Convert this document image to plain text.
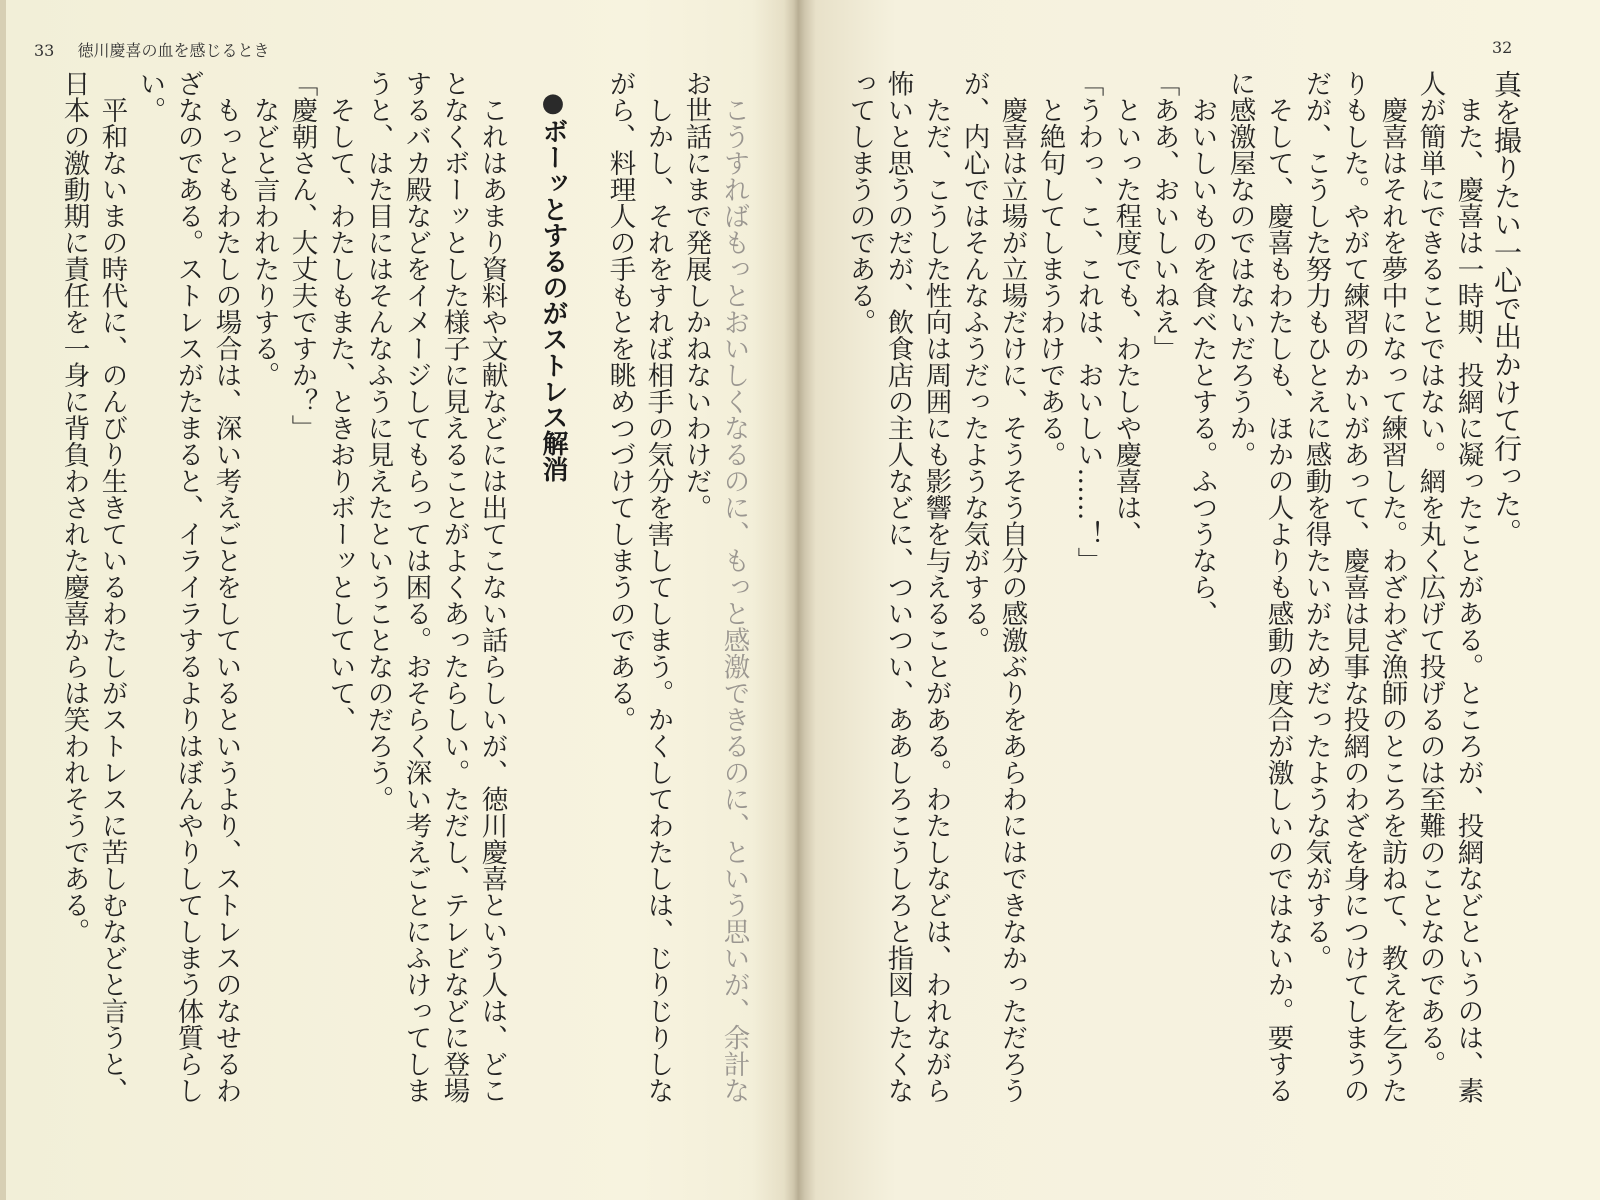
33 徳川慶喜の血を感じるとき	32
真を撮りたい一心で出かけて行った。
　また、慶喜は一時期、投網に凝ったことがある。ところが、投網などというのは、素
人が簡単にできることではない。網を丸く広げて投げるのは至難のことなのである。
　慶喜はそれを夢中になって練習した。わざわざ漁師のところを訪ねて、教えを乞うた
りもした。やがて練習のかいがあって、慶喜は見事な投網のわざを身につけてしまうの
だが、こうした努力もひとえに感動を得たいがためだったような気がする。
　そして、慶喜もわたしも、ほかの人よりも感動の度合が激しいのではないか。要する
に感激屋なのではないだろうか。
　おいしいものを食べたとする。ふつうなら、
「ああ、おいしいねえ」
　といった程度でも、わたしや慶喜は、
「うわっ、こ、これは、おいしい……！」
　と絶句してしまうわけである。
　慶喜は立場が立場だけに、そうそう自分の感激ぶりをあらわにはできなかっただろう
が、内心ではそんなふうだったような気がする。
　ただ、こうした性向は周囲にも影響を与えることがある。わたしなどは、われながら
怖いと思うのだが、飲食店の主人などに、ついつい、ああしろこうしろと指図したくな
ってしまうのである。
　こうすればもっとおいしくなるのに、もっと感激できるのに、という思いが、余計な
お世話にまで発展しかねないわけだ。
　しかし、それをすれば相手の気分を害してしまう。かくしてわたしは、じりじりしな
がら、料理人の手もとを眺めつづけてしまうのである。
●ボーッとするのがストレス解消
　これはあまり資料や文献などには出てこない話らしいが、徳川慶喜という人は、どこ
となくボーッとした様子に見えることがよくあったらしい。ただし、テレビなどに登場
するバカ殿などをイメージしてもらっては困る。おそらく深い考えごとにふけってしま
うと、はた目にはそんなふうに見えたということなのだろう。
　そして、わたしもまた、ときおりボーッとしていて、
「慶朝さん、大丈夫ですか？」
　などと言われたりする。
　もっともわたしの場合は、深い考えごとをしているというより、ストレスのなせるわ
ざなのである。ストレスがたまると、イライラするよりはぼんやりしてしまう体質らし
い。
　平和ないまの時代に、のんびり生きているわたしがストレスに苦しむなどと言うと、
日本の激動期に責任を一身に背負わされた慶喜からは笑われそうである。
